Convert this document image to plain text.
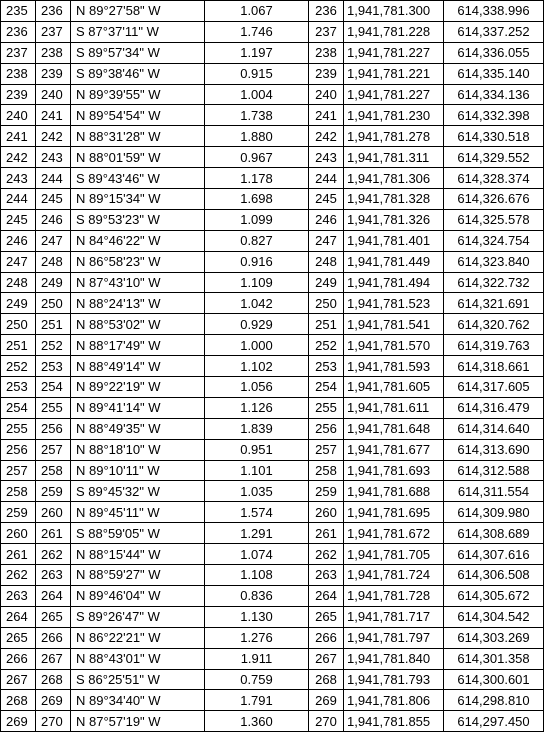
235	236	N 89°27'58" W	1.067	236	1,941,781.300	614,338.996
236	237	S 87°37'11" W	1.746	237	1,941,781.228	614,337.252
237	238	S 89°57'34" W	1.197	238	1,941,781.227	614,336.055
238	239	S 89°38'46" W	0.915	239	1,941,781.221	614,335.140
239	240	N 89°39'55" W	1.004	240	1,941,781.227	614,334.136
240	241	N 89°54'54" W	1.738	241	1,941,781.230	614,332.398
241	242	N 88°31'28" W	1.880	242	1,941,781.278	614,330.518
242	243	N 88°01'59" W	0.967	243	1,941,781.311	614,329.552
243	244	S 89°43'46" W	1.178	244	1,941,781.306	614,328.374
244	245	N 89°15'34" W	1.698	245	1,941,781.328	614,326.676
245	246	S 89°53'23" W	1.099	246	1,941,781.326	614,325.578
246	247	N 84°46'22" W	0.827	247	1,941,781.401	614,324.754
247	248	N 86°58'23" W	0.916	248	1,941,781.449	614,323.840
248	249	N 87°43'10" W	1.109	249	1,941,781.494	614,322.732
249	250	N 88°24'13" W	1.042	250	1,941,781.523	614,321.691
250	251	N 88°53'02" W	0.929	251	1,941,781.541	614,320.762
251	252	N 88°17'49" W	1.000	252	1,941,781.570	614,319.763
252	253	N 88°49'14" W	1.102	253	1,941,781.593	614,318.661
253	254	N 89°22'19" W	1.056	254	1,941,781.605	614,317.605
254	255	N 89°41'14" W	1.126	255	1,941,781.611	614,316.479
255	256	N 88°49'35" W	1.839	256	1,941,781.648	614,314.640
256	257	N 88°18'10" W	0.951	257	1,941,781.677	614,313.690
257	258	N 89°10'11" W	1.101	258	1,941,781.693	614,312.588
258	259	S 89°45'32" W	1.035	259	1,941,781.688	614,311.554
259	260	N 89°45'11" W	1.574	260	1,941,781.695	614,309.980
260	261	S 88°59'05" W	1.291	261	1,941,781.672	614,308.689
261	262	N 88°15'44" W	1.074	262	1,941,781.705	614,307.616
262	263	N 88°59'27" W	1.108	263	1,941,781.724	614,306.508
263	264	N 89°46'04" W	0.836	264	1,941,781.728	614,305.672
264	265	S 89°26'47" W	1.130	265	1,941,781.717	614,304.542
265	266	N 86°22'21" W	1.276	266	1,941,781.797	614,303.269
266	267	N 88°43'01" W	1.911	267	1,941,781.840	614,301.358
267	268	S 86°25'51" W	0.759	268	1,941,781.793	614,300.601
268	269	N 89°34'40" W	1.791	269	1,941,781.806	614,298.810
269	270	N 87°57'19" W	1.360	270	1,941,781.855	614,297.450
